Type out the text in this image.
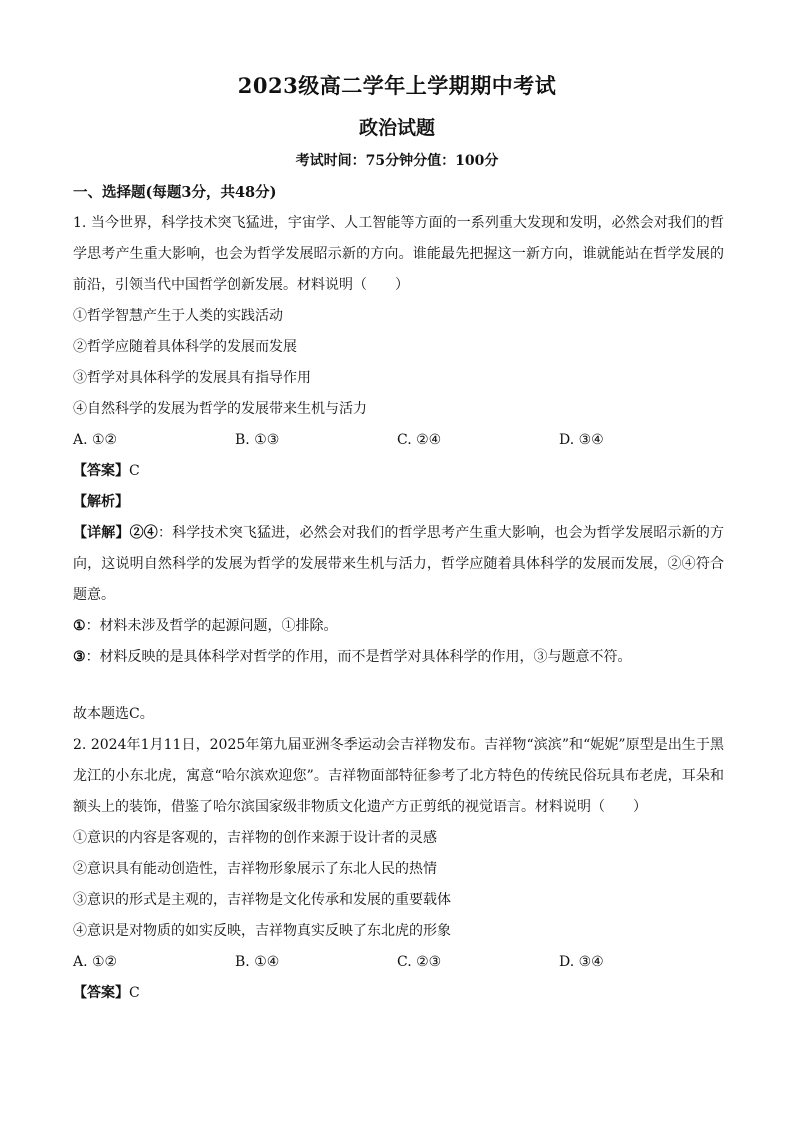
2023级高二学年上学期期中考试
政治试题
考试时间：75分钟分值：100分
一、选择题(每题3分，共48分)
1. 当今世界，科学技术突飞猛进，宇宙学、人工智能等方面的一系列重大发现和发明，必然会对我们的哲学思考产生重大影响，也会为哲学发展昭示新的方向。谁能最先把握这一新方向，谁就能站在哲学发展的前沿，引领当代中国哲学创新发展。材料说明（　　）
①哲学智慧产生于人类的实践活动
②哲学应随着具体科学的发展而发展
③哲学对具体科学的发展具有指导作用
④自然科学的发展为哲学的发展带来生机与活力
A. ①②	B. ①③	C. ②④	D. ③④
【答案】C
【解析】
【详解】②④：科学技术突飞猛进，必然会对我们的哲学思考产生重大影响，也会为哲学发展昭示新的方向，这说明自然科学的发展为哲学的发展带来生机与活力，哲学应随着具体科学的发展而发展，②④符合题意。
①：材料未涉及哲学的起源问题，①排除。
③：材料反映的是具体科学对哲学的作用，而不是哲学对具体科学的作用，③与题意不符。
故本题选C。
2. 2024年1月11日，2025年第九届亚洲冬季运动会吉祥物发布。吉祥物“滨滨”和“妮妮”原型是出生于黑龙江的小东北虎，寓意“哈尔滨欢迎您”。吉祥物面部特征参考了北方特色的传统民俗玩具布老虎，耳朵和额头上的装饰，借鉴了哈尔滨国家级非物质文化遗产方正剪纸的视觉语言。材料说明（　　）
①意识的内容是客观的，吉祥物的创作来源于设计者的灵感
②意识具有能动创造性，吉祥物形象展示了东北人民的热情
③意识的形式是主观的，吉祥物是文化传承和发展的重要载体
④意识是对物质的如实反映，吉祥物真实反映了东北虎的形象
A. ①②	B. ①④	C. ②③	D. ③④
【答案】C
